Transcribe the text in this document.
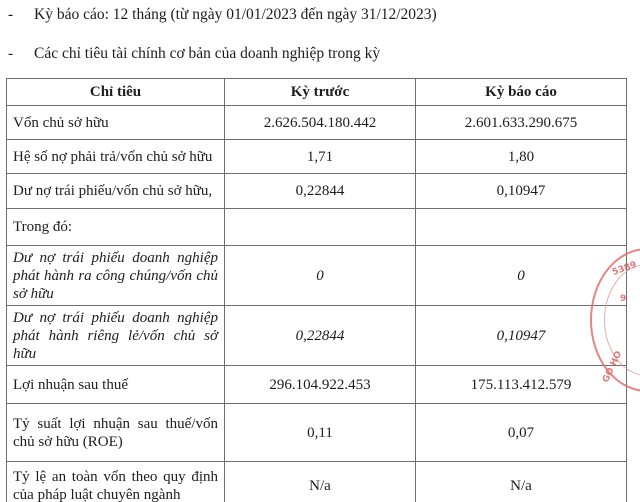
- Kỳ báo cáo: 12 tháng (từ ngày 01/01/2023 đến ngày 31/12/2023)
- Các chỉ tiêu tài chính cơ bản của doanh nghiệp trong kỳ
Chỉ tiêu	Kỳ trước	Kỳ báo cáo
Vốn chủ sở hữu	2.626.504.180.442	2.601.633.290.675
Hệ số nợ phải trả/vốn chủ sở hữu	1,71	1,80
Dư nợ trái phiếu/vốn chủ sở hữu,	0,22844	0,10947
Trong đó:		
Dư nợ trái phiếu doanh nghiệp phát hành ra công chúng/vốn chủ sở hữu	0	0
Dư nợ trái phiếu doanh nghiệp phát hành riêng lẻ/vốn chủ sở hữu	0,22844	0,10947
Lợi nhuận sau thuế	296.104.922.453	175.113.412.579
Tỷ suất lợi nhuận sau thuế/vốn chủ sở hữu (ROE)	0,11	0,07
Tỷ lệ an toàn vốn theo quy định của pháp luật chuyên ngành	N/a	N/a
5389
9
GO HO
